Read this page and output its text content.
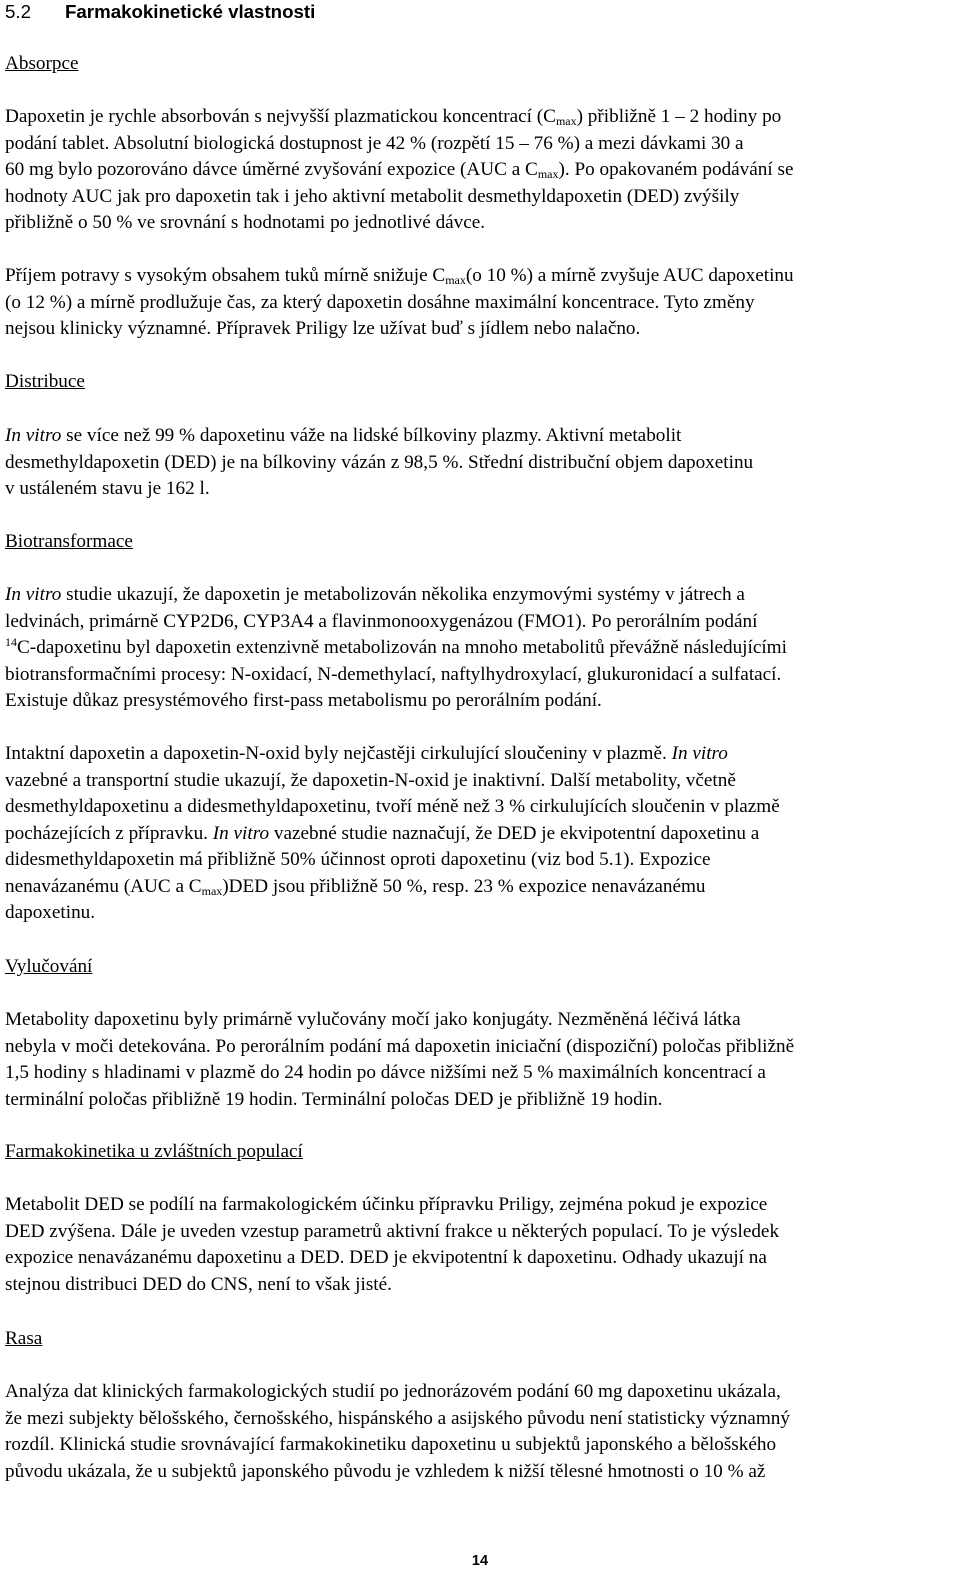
5.2 Farmakokinetické vlastnosti
Absorpce
Dapoxetin je rychle absorbován s nejvyšší plazmatickou koncentrací $(C_{max})$ přibližně 1 – 2 hodiny po
podání tablet. Absolutní biologická dostupnost je 42 % (rozpětí 15 – 76 %) a mezi dávkami 30 a
60 mg bylo pozorováno dávce úměrné zvyšování expozice (AUC a $C_{max}$). Po opakovaném podávání se
hodnoty AUC jak pro dapoxetin tak i jeho aktivní metabolit desmethyldapoxetin (DED) zvýšily
přibližně o 50 % ve srovnání s hodnotami po jednotlivé dávce.
Příjem potravy s vysokým obsahem tuků mírně snižuje $C_{max}(o$ 10 %) a mírně zvyšuje AUC dapoxetinu
(o 12 %) a mírně prodlužuje čas, za který dapoxetin dosáhne maximální koncentrace. Tyto změny
nejsou klinicky významné. Přípravek Priligy lze užívat buď s jídlem nebo nalačno.
Distribuce
In vitro se více než 99 % dapoxetinu váže na lidské bílkoviny plazmy. Aktivní metabolit
desmethyldapoxetin (DED) je na bílkoviny vázán z 98,5 %. Střední distribuční objem dapoxetinu
v ustáleném stavu je 162 l.
Biotransformace
In vitro studie ukazují, že dapoxetin je metabolizován několika enzymovými systémy v játrech a
ledvinách, primárně CYP2D6, CYP3A4 a flavinmonooxygenázou (FMO1). Po perorálním podání
$^{14}$C-dapoxetinu byl dapoxetin extenzivně metabolizován na mnoho metabolitů převážně následujícími
biotransformačními procesy: N-oxidací, N-demethylací, naftylhydroxylací, glukuronidací a sulfatací.
Existuje důkaz presystémového first-pass metabolismu po perorálním podání.
Intaktní dapoxetin a dapoxetin-N-oxid byly nejčastěji cirkulující sloučeniny v plazmě. In vitro
vazebné a transportní studie ukazují, že dapoxetin-N-oxid je inaktivní. Další metabolity, včetně
desmethyldapoxetinu a didesmethyldapoxetinu, tvoří méně než 3 % cirkulujících sloučenin v plazmě
pocházejících z přípravku. In vitro vazebné studie naznačují, že DED je ekvipotentní dapoxetinu a
didesmethyldapoxetin má přibližně 50% účinnost oproti dapoxetinu (viz bod 5.1). Expozice
nenavázanému (AUC a $C_{max})DED$ jsou přibližně 50 %, resp. 23 % expozice nenavázanému
dapoxetinu.
Vylučování
Metabolity dapoxetinu byly primárně vylučovány močí jako konjugáty. Nezměněná léčivá látka
nebyla v moči detekována. Po perorálním podání má dapoxetin iniciační (dispoziční) poločas přibližně
1,5 hodiny s hladinami v plazmě do 24 hodin po dávce nižšími než 5 % maximálních koncentrací a
terminální poločas přibližně 19 hodin. Terminální poločas DED je přibližně 19 hodin.
Farmakokinetika u zvláštních populací
Metabolit DED se podílí na farmakologickém účinku přípravku Priligy, zejména pokud je expozice
DED zvýšena. Dále je uveden vzestup parametrů aktivní frakce u některých populací. To je výsledek
expozice nenavázanému dapoxetinu a DED. DED je ekvipotentní k dapoxetinu. Odhady ukazují na
stejnou distribuci DED do CNS, není to však jisté.
Rasa
Analýza dat klinických farmakologických studií po jednorázovém podání 60 mg dapoxetinu ukázala,
že mezi subjekty bělošského, černošského, hispánského a asijského původu není statisticky významný
rozdíl. Klinická studie srovnávající farmakokinetiku dapoxetinu u subjektů japonského a bělošského
původu ukázala, že u subjektů japonského původu je vzhledem k nižší tělesné hmotnosti o 10 % až
14
